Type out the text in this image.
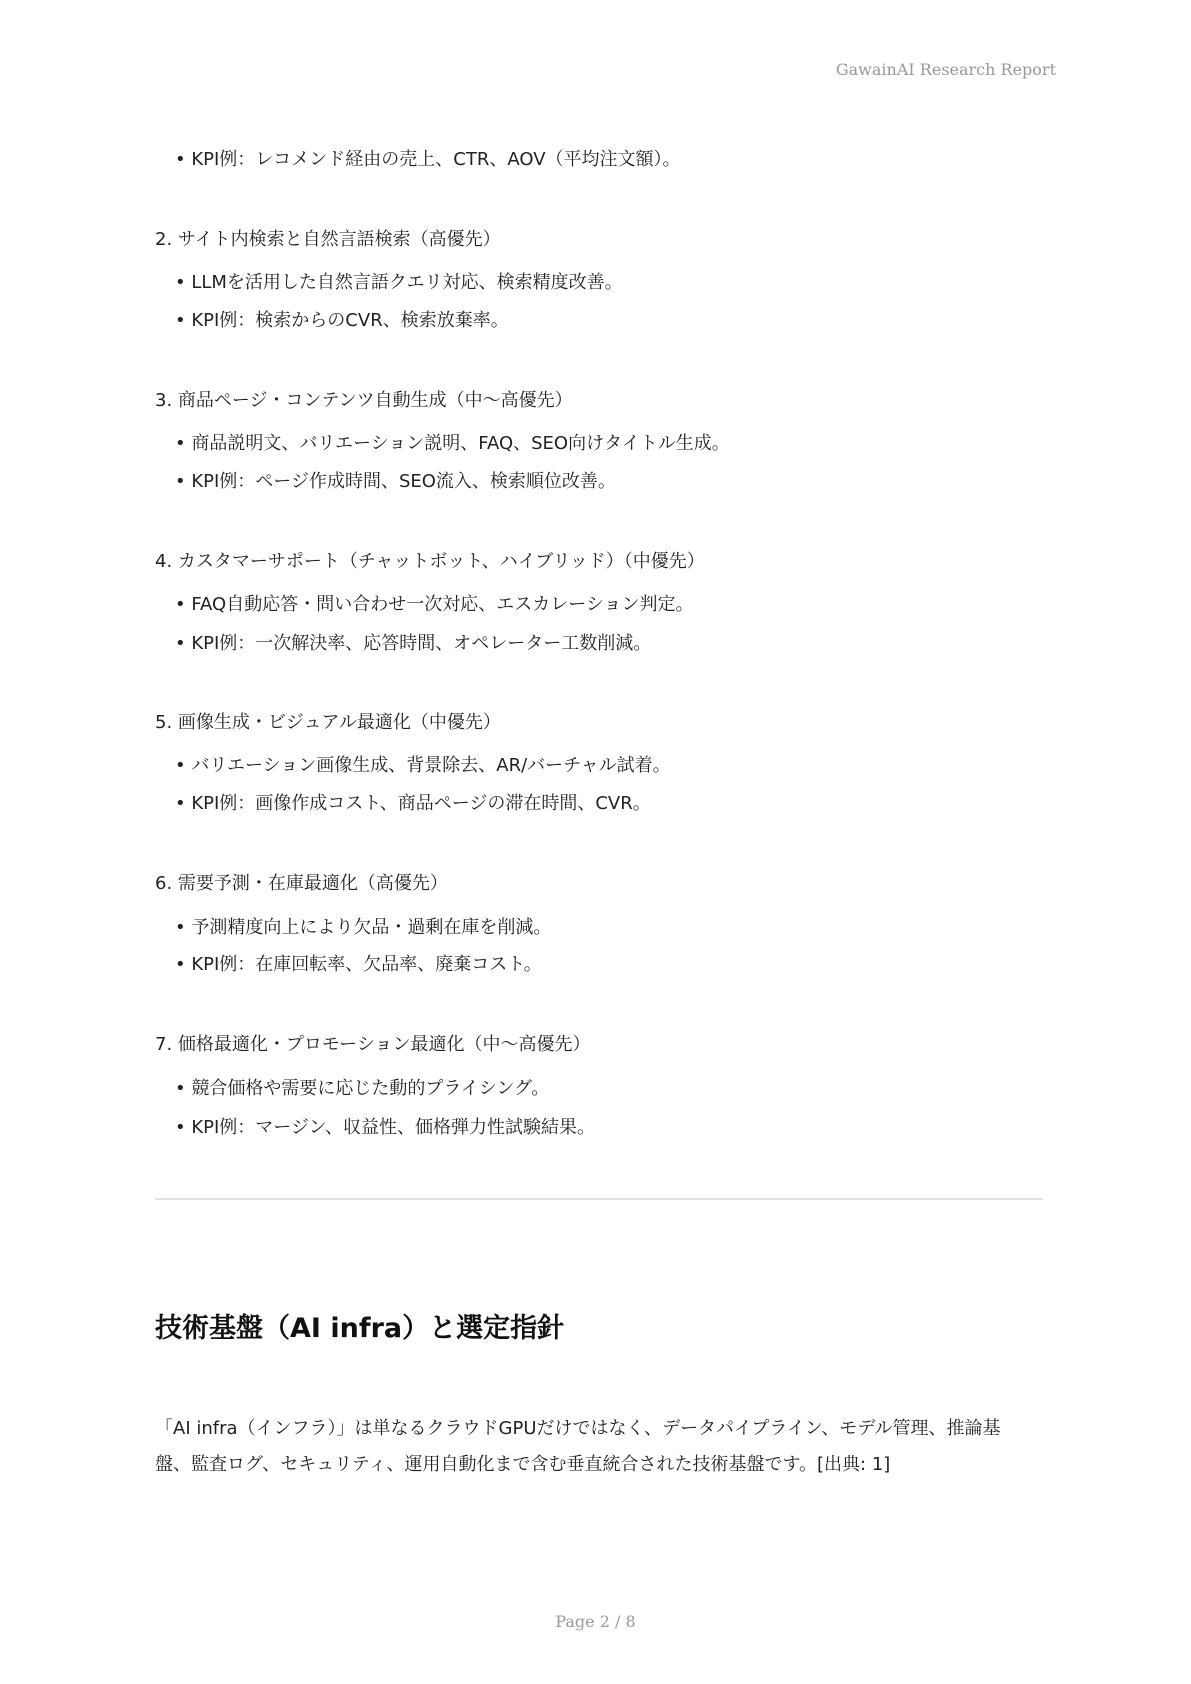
GawainAI Research Report
• KPI例：レコメンド経由の売上、CTR、AOV（平均注文額）。
2. サイト内検索と自然言語検索（高優先）
• LLMを活用した自然言語クエリ対応、検索精度改善。
• KPI例：検索からのCVR、検索放棄率。
3. 商品ページ・コンテンツ自動生成（中〜高優先）
• 商品説明文、バリエーション説明、FAQ、SEO向けタイトル生成。
• KPI例：ページ作成時間、SEO流入、検索順位改善。
4. カスタマーサポート（チャットボット、ハイブリッド）（中優先）
• FAQ自動応答・問い合わせ一次対応、エスカレーション判定。
• KPI例：一次解決率、応答時間、オペレーター工数削減。
5. 画像生成・ビジュアル最適化（中優先）
• バリエーション画像生成、背景除去、AR/バーチャル試着。
• KPI例：画像作成コスト、商品ページの滞在時間、CVR。
6. 需要予測・在庫最適化（高優先）
• 予測精度向上により欠品・過剰在庫を削減。
• KPI例：在庫回転率、欠品率、廃棄コスト。
7. 価格最適化・プロモーション最適化（中〜高優先）
• 競合価格や需要に応じた動的プライシング。
• KPI例：マージン、収益性、価格弾力性試験結果。
技術基盤（AI infra）と選定指針

「AI infra（インフラ）」は単なるクラウドGPUだけではなく、データパイプライン、モデル管理、推論基盤、監査ログ、セキュリティ、運用自動化まで含む垂直統合された技術基盤です。[出典: 1]

Page 2 / 8
